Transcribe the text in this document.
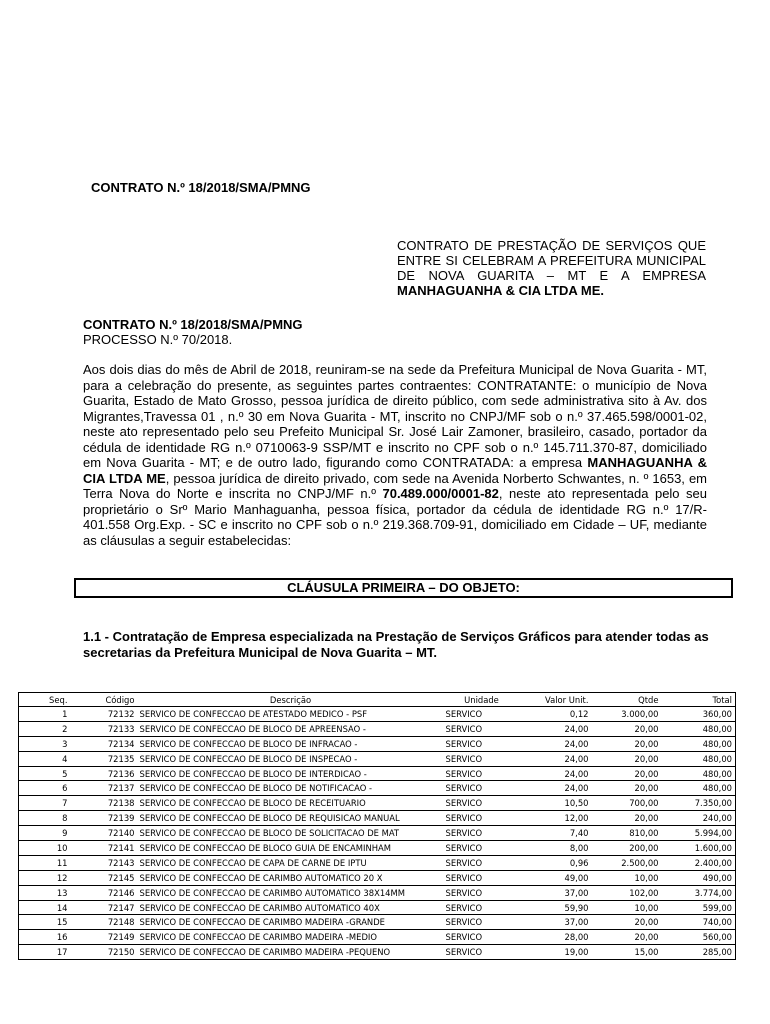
CONTRATO N.º 18/2018/SMA/PMNG
CONTRATO DE PRESTAÇÃO DE SERVIÇOS QUE ENTRE SI CELEBRAM A PREFEITURA MUNICIPAL DE NOVA GUARITA – MT E A EMPRESA MANHAGUANHA & CIA LTDA ME.
CONTRATO N.º 18/2018/SMA/PMNG
PROCESSO N.º 70/2018.
Aos dois dias do mês de Abril de 2018, reuniram-se na sede da Prefeitura Municipal de Nova Guarita - MT, para a celebração do presente, as seguintes partes contraentes: CONTRATANTE: o município de Nova Guarita, Estado de Mato Grosso, pessoa jurídica de direito público, com sede administrativa sito à Av. dos Migrantes,Travessa 01 , n.º 30 em Nova Guarita - MT, inscrito no CNPJ/MF sob o n.º 37.465.598/0001-02, neste ato representado pelo seu Prefeito Municipal Sr. José Lair Zamoner, brasileiro, casado, portador da cédula de identidade RG n.º 0710063-9 SSP/MT e inscrito no CPF sob o n.º 145.711.370-87, domiciliado em Nova Guarita - MT; e de outro lado, figurando como CONTRATADA: a empresa MANHAGUANHA & CIA LTDA ME, pessoa jurídica de direito privado, com sede na Avenida Norberto Schwantes, n. º 1653, em Terra Nova do Norte e inscrita no CNPJ/MF n.º 70.489.000/0001-82, neste ato representada pelo seu proprietário o Srº Mario Manhaguanha, pessoa física, portador da cédula de identidade RG n.º 17/R-401.558 Org.Exp. - SC e inscrito no CPF sob o n.º 219.368.709-91, domiciliado em Cidade – UF, mediante as cláusulas a seguir estabelecidas:
CLÁUSULA PRIMEIRA – DO OBJETO:
1.1 - Contratação de Empresa especializada na Prestação de Serviços Gráficos para atender todas as secretarias da Prefeitura Municipal de Nova Guarita – MT.
Seq.	Código	Descrição	Unidade	Valor Unit.	Qtde	Total
1	72132	SERVICO DE CONFECCAO DE ATESTADO MEDICO - PSF	SERVICO	0,12	3.000,00	360,00
2	72133	SERVICO DE CONFECCAO DE BLOCO DE APREENSAO -	SERVICO	24,00	20,00	480,00
3	72134	SERVICO DE CONFECCAO DE BLOCO DE INFRACAO -	SERVICO	24,00	20,00	480,00
4	72135	SERVICO DE CONFECCAO DE BLOCO DE INSPECAO -	SERVICO	24,00	20,00	480,00
5	72136	SERVICO DE CONFECCAO DE BLOCO DE INTERDICAO -	SERVICO	24,00	20,00	480,00
6	72137	SERVICO DE CONFECCAO DE BLOCO DE NOTIFICACAO -	SERVICO	24,00	20,00	480,00
7	72138	SERVICO DE CONFECCAO DE BLOCO DE RECEITUARIO	SERVICO	10,50	700,00	7.350,00
8	72139	SERVICO DE CONFECCAO DE BLOCO DE REQUISICAO MANUAL	SERVICO	12,00	20,00	240,00
9	72140	SERVICO DE CONFECCAO DE BLOCO DE SOLICITACAO DE MAT	SERVICO	7,40	810,00	5.994,00
10	72141	SERVICO DE CONFECCAO DE BLOCO GUIA DE ENCAMINHAM	SERVICO	8,00	200,00	1.600,00
11	72143	SERVICO DE CONFECCAO DE CAPA DE CARNE DE IPTU	SERVICO	0,96	2.500,00	2.400,00
12	72145	SERVICO DE CONFECCAO DE CARIMBO AUTOMATICO 20 X	SERVICO	49,00	10,00	490,00
13	72146	SERVICO DE CONFECCAO DE CARIMBO AUTOMATICO 38X14MM	SERVICO	37,00	102,00	3.774,00
14	72147	SERVICO DE CONFECCAO DE CARIMBO AUTOMATICO 40X	SERVICO	59,90	10,00	599,00
15	72148	SERVICO DE CONFECCAO DE CARIMBO MADEIRA -GRANDE	SERVICO	37,00	20,00	740,00
16	72149	SERVICO DE CONFECCAO DE CARIMBO MADEIRA -MEDIO	SERVICO	28,00	20,00	560,00
17	72150	SERVICO DE CONFECCAO DE CARIMBO MADEIRA -PEQUENO	SERVICO	19,00	15,00	285,00
